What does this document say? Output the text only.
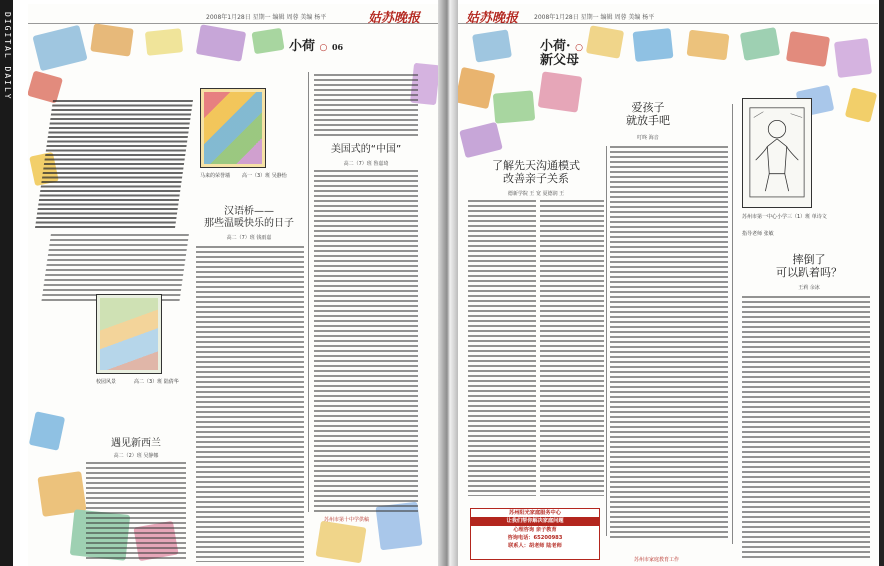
DIGITAL DAILY	2008年1月28日 星期一 编辑 周蓉 美编 杨平	姑苏晚报
小荷 ○ 06
马来的荣誉墙 高一（3）班 吴静怡
汉语桥——
那些温暖快乐的日子
高二（7）班 钱雨嘉
校园风景	高二（3）班 陆倩华
遇见新西兰
高二（2）班 吴静娜
美国式的“中国”
高二（7）班 鲁嘉琦
苏州市第十中学供稿
姑苏晚报	2008年1月28日 星期一 编辑 周蓉 美编 杨平
小荷· ○
新父母
爱孩子
就放手吧
叮咚 海音
了解先天沟通模式
改善亲子关系
德新学院 王 宽 夏德润 王
苏州市第一中心小学三（1）班 单诗文
指导老师 张敏
摔倒了
可以趴着吗？
王莉 余冰
苏州阳光家庭服务中心
让我们帮你解决家庭问题
心理咨询 亲子教育
咨询电话：65200983
联系人：胡老师 陆老师
苏州市家庭教育工作
